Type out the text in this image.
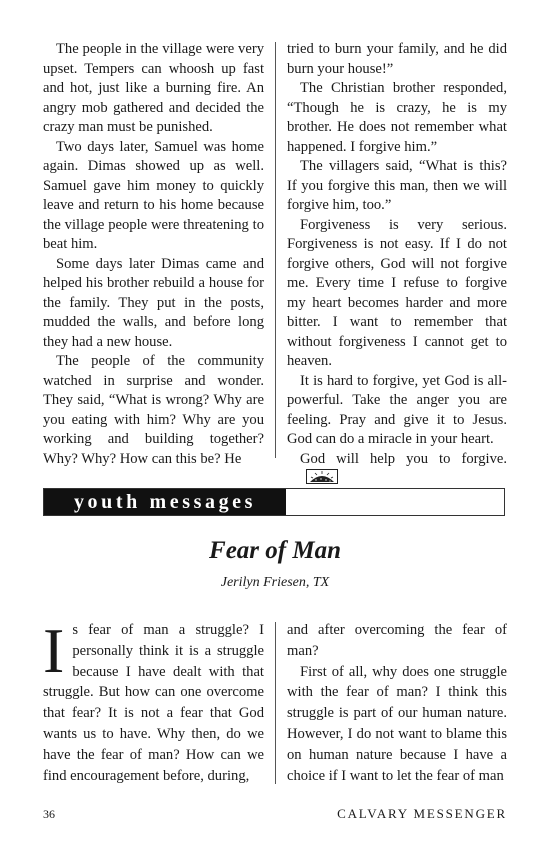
The people in the village were very upset. Tempers can whoosh up fast and hot, just like a burning fire. An angry mob gathered and decided the crazy man must be punished.

Two days later, Samuel was home again. Dimas showed up as well. Samuel gave him money to quickly leave and return to his home because the village people were threatening to beat him.

Some days later Dimas came and helped his brother rebuild a house for the family. They put in the posts, mudded the walls, and before long they had a new house.

The people of the community watched in surprise and wonder. They said, “What is wrong? Why are you eating with him? Why are you working and building together? Why? Why? How can this be? He

tried to burn your family, and he did burn your house!”

The Christian brother responded, “Though he is crazy, he is my brother. He does not remember what happened. I forgive him.”

The villagers said, “What is this? If you forgive this man, then we will forgive him, too.”

Forgiveness is very serious. Forgiveness is not easy. If I do not forgive others, God will not forgive me. Every time I refuse to forgive my heart becomes harder and more bitter. I want to remember that without forgiveness I cannot get to heaven.

It is hard to forgive, yet God is all-powerful. Take the anger you are feeling. Pray and give it to Jesus. God can do a miracle in your heart.

God will help you to forgive.

youth messages
Fear of Man
Jerilyn Friesen, TX

Is fear of man a struggle? I personally think it is a struggle because I have dealt with that struggle. But how can one overcome that fear? It is not a fear that God wants us to have. Why then, do we have the fear of man? How can we find encouragement before, during,

and after overcoming the fear of man?

First of all, why does one struggle with the fear of man? I think this struggle is part of our human nature. However, I do not want to blame this on human nature because I have a choice if I want to let the fear of man

36	CALVARY MESSENGER
